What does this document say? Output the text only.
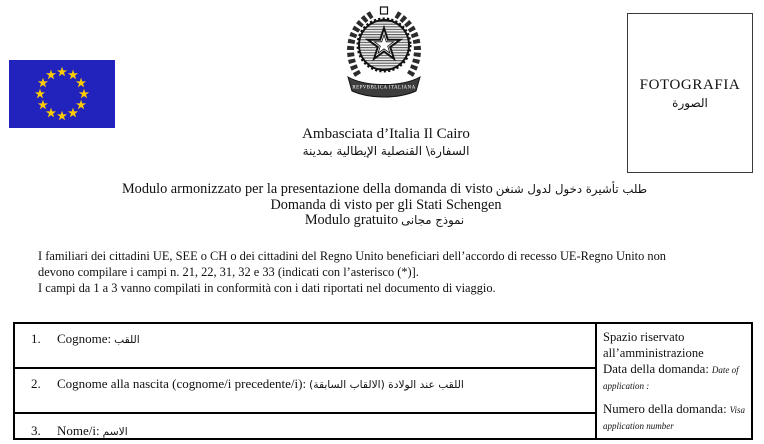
REPVBBLICA ITALIANA	FOTOGRAFIA
الصورة
Ambasciata d’Italia Il Cairo
السفارة\ القنصلية الإيطالية بمدينة
Modulo armonizzato per la presentazione della domanda di visto طلب تأشيرة دخول لدول شنغن
Domanda di visto per gli Stati Schengen
Modulo gratuito نموذج مجانى
I familiari dei cittadini UE, SEE o CH o dei cittadini del Regno Unito beneficiari dell’accordo di recesso UE-Regno Unito non
devono compilare i campi n. 21, 22, 31, 32 e 33 (indicati con l’asterisco (*)].
I campi da 1 a 3 vanno compilati in conformità con i dati riportati nel documento di viaggio.
1. Cognome: اللقب
2. Cognome alla nascita (cognome/i precedente/i): اللقب عند الولادة (الالقاب السابقة)
3. Nome/i: الاسم
Spazio riservato all’amministrazione
Data della domanda: Date of application :
Numero della domanda: Visa application number
